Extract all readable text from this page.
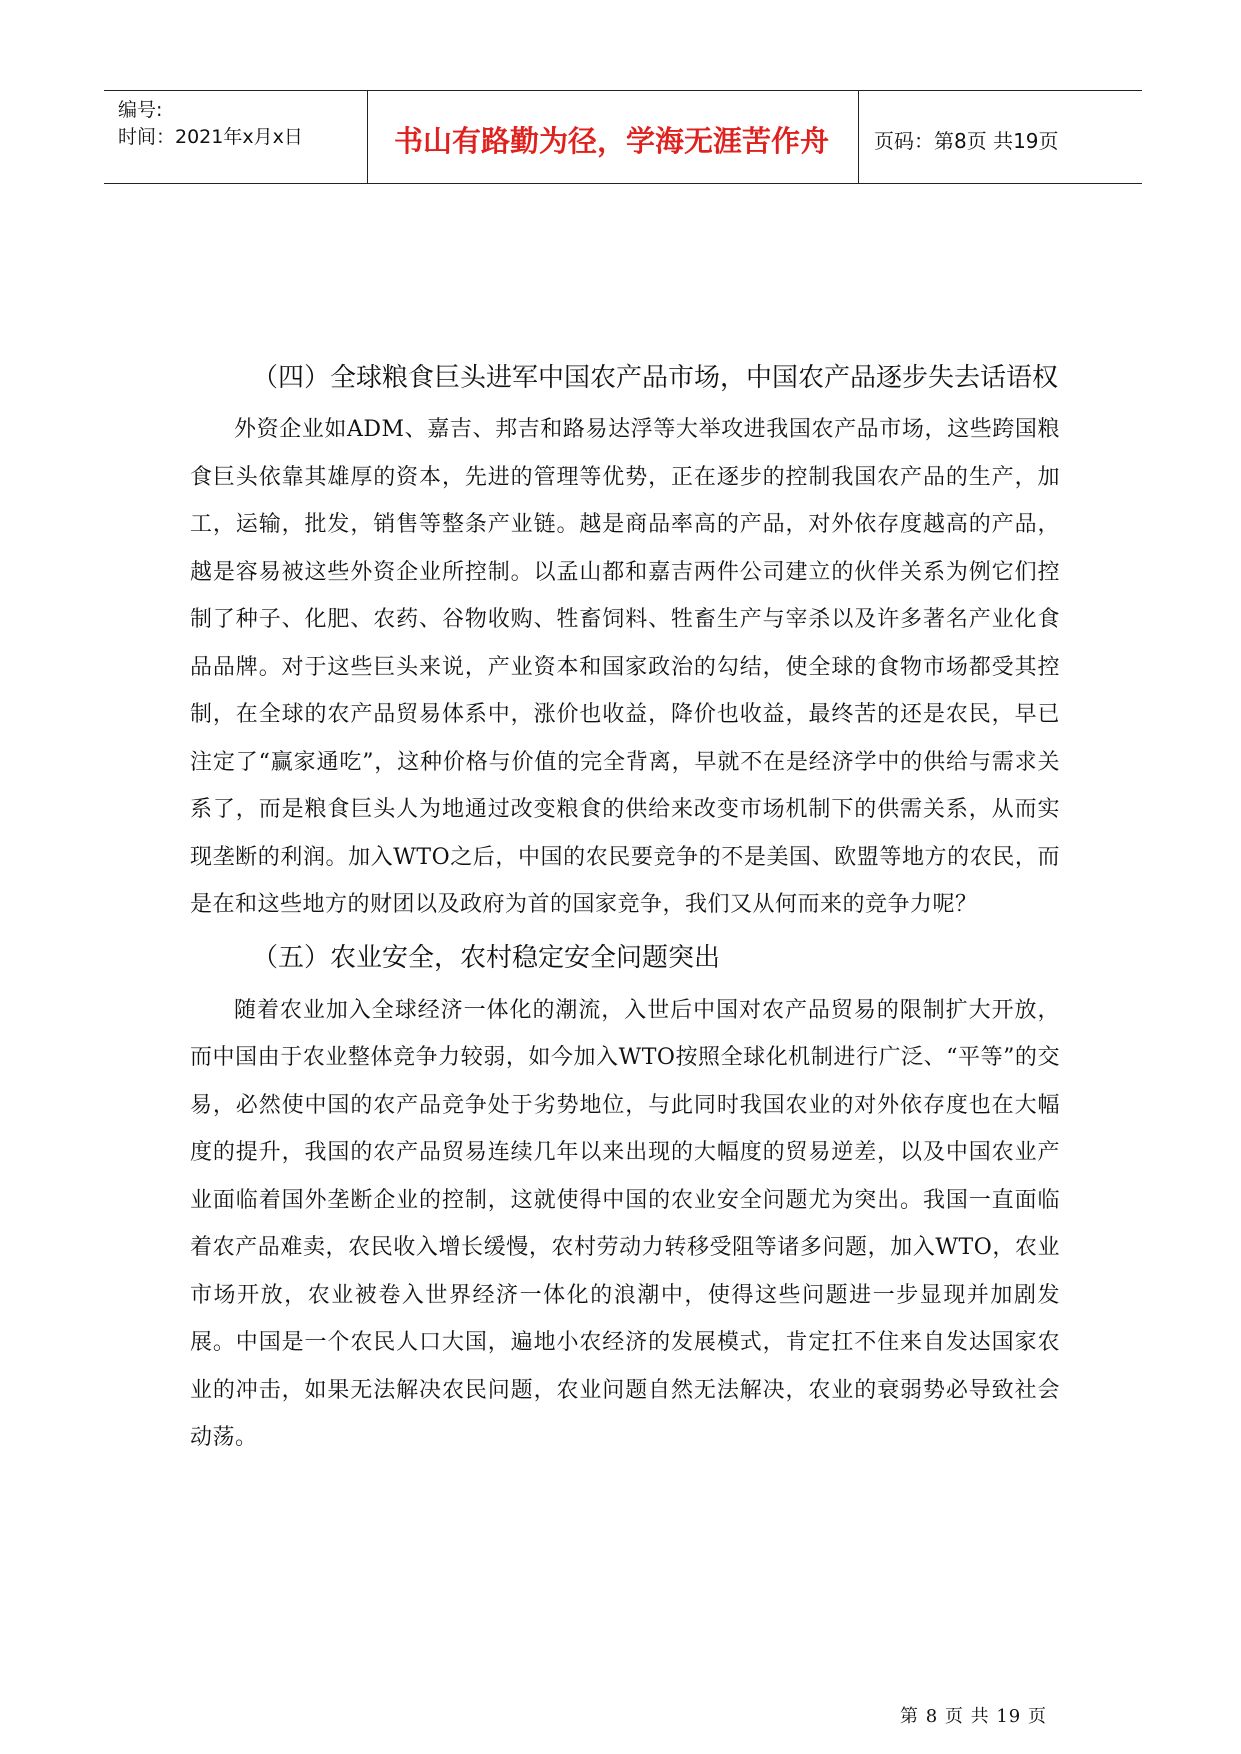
编号:
时间：2021年x月x日	书山有路勤为径，学海无涯苦作舟 页码：第8页 共19页

（四）全球粮食巨头进军中国农产品市场，中国农产品逐步失去话语权

外资企业如ADM、嘉吉、邦吉和路易达浮等大举攻进我国农产品市场，这些跨国粮食巨头依靠其雄厚的资本，先进的管理等优势，正在逐步的控制我国农产品的生产，加工，运输，批发，销售等整条产业链。越是商品率高的产品，对外依存度越高的产品，越是容易被这些外资企业所控制。以孟山都和嘉吉两件公司建立的伙伴关系为例它们控制了种子、化肥、农药、谷物收购、牲畜饲料、牲畜生产与宰杀以及许多著名产业化食品品牌。对于这些巨头来说，产业资本和国家政治的勾结，使全球的食物市场都受其控制，在全球的农产品贸易体系中，涨价也收益，降价也收益，最终苦的还是农民，早已注定了“赢家通吃”，这种价格与价值的完全背离，早就不在是经济学中的供给与需求关系了，而是粮食巨头人为地通过改变粮食的供给来改变市场机制下的供需关系，从而实现垄断的利润。加入WTO之后，中国的农民要竞争的不是美国、欧盟等地方的农民，而是在和这些地方的财团以及政府为首的国家竞争，我们又从何而来的竞争力呢？

（五）农业安全，农村稳定安全问题突出

随着农业加入全球经济一体化的潮流，入世后中国对农产品贸易的限制扩大开放，而中国由于农业整体竞争力较弱，如今加入WTO按照全球化机制进行广泛、“平等”的交易，必然使中国的农产品竞争处于劣势地位，与此同时我国农业的对外依存度也在大幅度的提升，我国的农产品贸易连续几年以来出现的大幅度的贸易逆差，以及中国农业产业面临着国外垄断企业的控制，这就使得中国的农业安全问题尤为突出。我国一直面临着农产品难卖，农民收入增长缓慢，农村劳动力转移受阻等诸多问题，加入WTO，农业市场开放，农业被卷入世界经济一体化的浪潮中，使得这些问题进一步显现并加剧发展。中国是一个农民人口大国，遍地小农经济的发展模式，肯定扛不住来自发达国家农业的冲击，如果无法解决农民问题，农业问题自然无法解决，农业的衰弱势必导致社会动荡。

第 8 页 共 19 页
